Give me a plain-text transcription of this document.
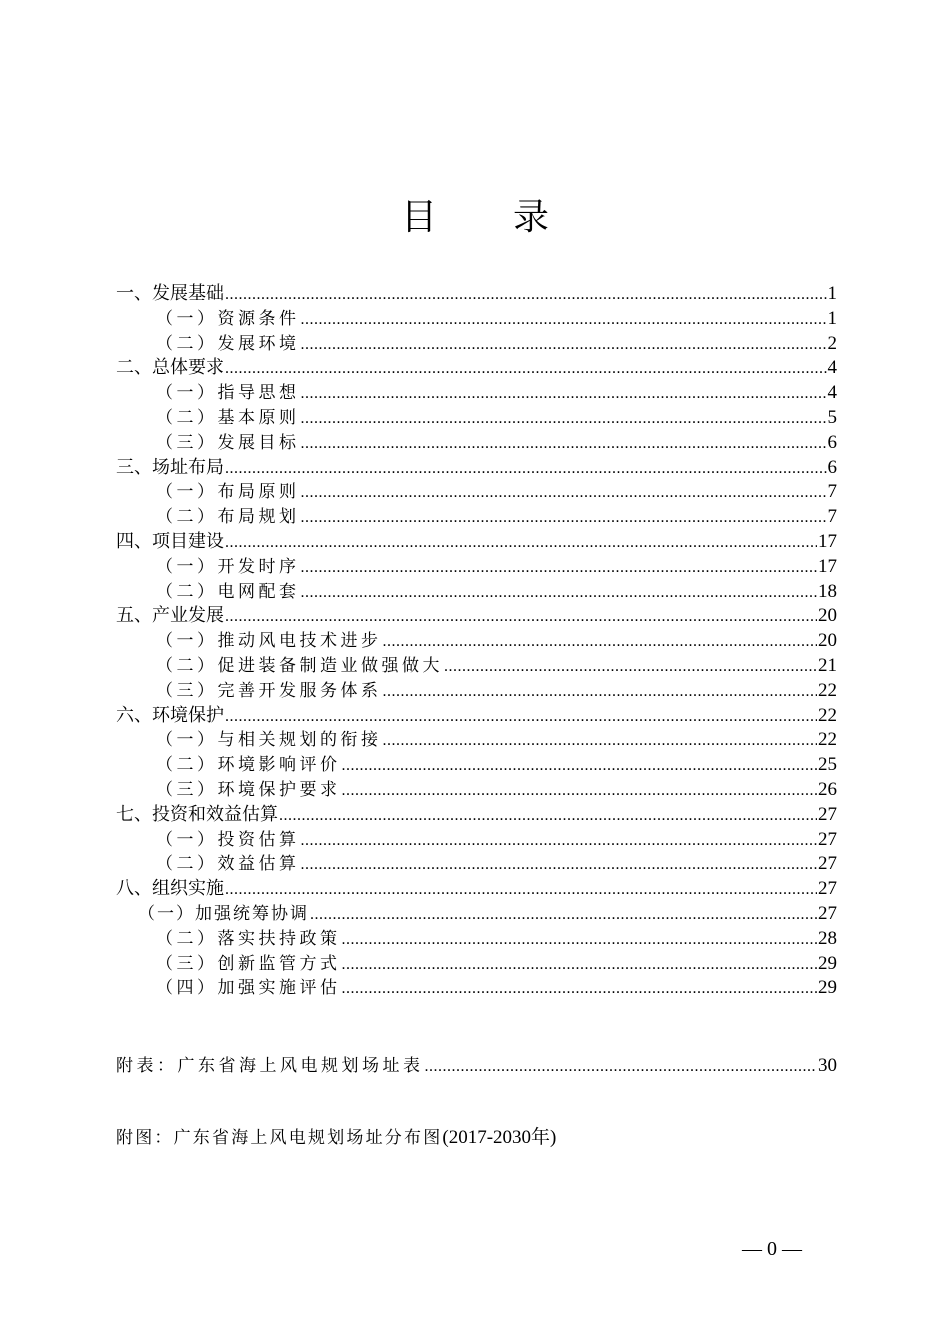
目录
一、发展基础 .....	1
（一）资源条件 .....	1
（二）发展环境 .....	2
二、总体要求 .....	4
（一）指导思想 .....	4
（二）基本原则 .....	5
（三）发展目标 .....	6
三、场址布局 .....	6
（一）布局原则 .....	7
（二）布局规划 .....	7
四、项目建设 .....	17
（一）开发时序 .....	17
（二）电网配套 .....	18
五、产业发展 .....	20
（一）推动风电技术进步 .....	20
（二）促进装备制造业做强做大 .....	21
（三）完善开发服务体系 .....	22
六、环境保护 .....	22
（一）与相关规划的衔接 .....	22
（二）环境影响评价 .....	25
（三）环境保护要求 .....	26
七、投资和效益估算 .....	27
（一）投资估算 .....	27
（二）效益估算 .....	27
八、组织实施 .....	27
（一）加强统筹协调 .....	27
（二）落实扶持政策 .....	28
（三）创新监管方式 .....	29
（四）加强实施评估 .....	29
附表：广东省海上风电规划场址表 .....	30
附图：广东省海上风电规划场址分布图 (2017-2030年)
— 0 —
